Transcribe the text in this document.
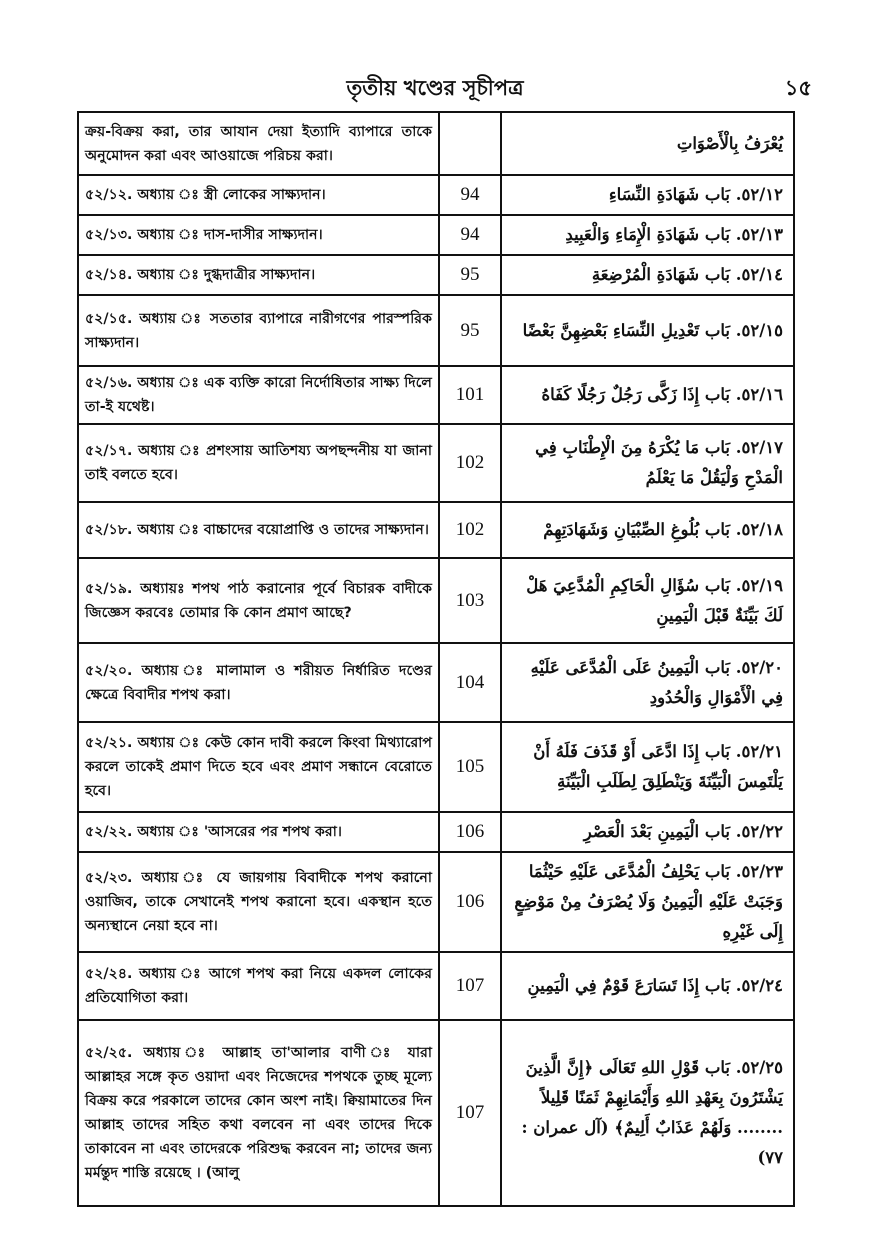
তৃতীয় খণ্ডের সূচীপত্র	১৫
ক্রয়-বিক্রয় করা, তার আযান দেয়া ইত্যাদি ব্যাপারে তাকে অনুমোদন করা এবং আওয়াজে পরিচয় করা।		يُعْرَفُ بِالْأَصْوَاتِ
৫২/১২. অধ্যায় ঃ স্ত্রী লোকের সাক্ষ্যদান।	94	٥٢/١٢. بَاب شَهَادَةِ النِّسَاءِ
৫২/১৩. অধ্যায় ঃ দাস-দাসীর সাক্ষ্যদান।	94	٥٢/١٣. بَاب شَهَادَةِ الْإِمَاءِ وَالْعَبِيدِ
৫২/১৪. অধ্যায় ঃ দুগ্ধদাত্রীর সাক্ষ্যদান।	95	٥٢/١٤. بَاب شَهَادَةِ الْمُرْضِعَةِ
৫২/১৫. অধ্যায় ঃ সততার ব্যাপারে নারীগণের পারস্পরিক সাক্ষ্যদান।	95	٥٢/١٥. بَاب تَعْدِيلِ النِّسَاءِ بَعْضِهِنَّ بَعْضًا
৫২/১৬. অধ্যায় ঃ এক ব্যক্তি কারো নির্দোষিতার সাক্ষ্য দিলে তা-ই যথেষ্ট।	101	٥٢/١٦. بَاب إِذَا زَكَّى رَجُلٌ رَجُلًا كَفَاهُ
৫২/১৭. অধ্যায় ঃ প্রশংসায় আতিশয্য অপছন্দনীয় যা জানা তাই বলতে হবে।	102	٥٢/١٧. بَاب مَا يُكْرَهُ مِنَ الْإِطْنَابِ فِي الْمَدْحِ وَلْيَقُلْ مَا يَعْلَمُ
৫২/১৮. অধ্যায় ঃ বাচ্চাদের বয়োপ্রাপ্তি ও তাদের সাক্ষ্যদান।	102	٥٢/١٨. بَاب بُلُوغِ الصِّبْيَانِ وَشَهَادَتِهِمْ
৫২/১৯. অধ্যায়ঃ শপথ পাঠ করানোর পূর্বে বিচারক বাদীকে জিজ্ঞেস করবেঃ তোমার কি কোন প্রমাণ আছে?	103	٥٢/١٩. بَاب سُؤَالِ الْحَاكِمِ الْمُدَّعِيَ هَلْ لَكَ بَيِّنَةٌ قَبْلَ الْيَمِينِ
৫২/২০. অধ্যায় ঃ মালামাল ও শরীয়ত নির্ধারিত দণ্ডের ক্ষেত্রে বিবাদীর শপথ করা।	104	٥٢/٢٠. بَاب الْيَمِينُ عَلَى الْمُدَّعَى عَلَيْهِ فِي الْأَمْوَالِ وَالْحُدُودِ
৫২/২১. অধ্যায় ঃ কেউ কোন দাবী করলে কিংবা মিথ্যারোপ করলে তাকেই প্রমাণ দিতে হবে এবং প্রমাণ সন্ধানে বেরোতে হবে।	105	٥٢/٢١. بَاب إِذَا ادَّعَى أَوْ قَذَفَ فَلَهُ أَنْ يَلْتَمِسَ الْبَيِّنَةَ وَيَنْطَلِقَ لِطَلَبِ الْبَيِّنَةِ
৫২/২২. অধ্যায় ঃ 'আসরের পর শপথ করা।	106	٥٢/٢٢. بَاب الْيَمِينِ بَعْدَ الْعَصْرِ
৫২/২৩. অধ্যায় ঃ যে জায়গায় বিবাদীকে শপথ করানো ওয়াজিব, তাকে সেখানেই শপথ করানো হবে। একস্থান হতে অন্যস্থানে নেয়া হবে না।	106	٥٢/٢٣. بَاب يَحْلِفُ الْمُدَّعَى عَلَيْهِ حَيْثُمَا وَجَبَتْ عَلَيْهِ الْيَمِينُ وَلَا يُصْرَفُ مِنْ مَوْضِعٍ إِلَى غَيْرِهِ
৫২/২৪. অধ্যায় ঃ আগে শপথ করা নিয়ে একদল লোকের প্রতিযোগিতা করা।	107	٥٢/٢٤. بَاب إِذَا تَسَارَعَ قَوْمٌ فِي الْيَمِينِ
৫২/২৫. অধ্যায় ঃ আল্লাহ তা'আলার বাণী ঃ যারা আল্লাহর সঙ্গে কৃত ওয়াদা এবং নিজেদের শপথকে তুচ্ছ মূল্যে বিক্রয় করে পরকালে তাদের কোন অংশ নাই। ক্বিয়ামাতের দিন আল্লাহ তাদের সহিত কথা বলবেন না এবং তাদের দিকে তাকাবেন না এবং তাদেরকে পরিশুদ্ধ করবেন না; তাদের জন্য মর্মন্তুদ শাস্তি রয়েছে । (আলু	107	٥٢/٢٥. بَاب قَوْلِ اللهِ تَعَالَى ﴿إِنَّ الَّذِينَ يَشْتَرُونَ بِعَهْدِ اللهِ وَأَيْمَانِهِمْ ثَمَنًا قَلِيلاً ........ وَلَهُمْ عَذَابٌ أَلِيمٌ﴾ (آل عمران : ٧٧)
